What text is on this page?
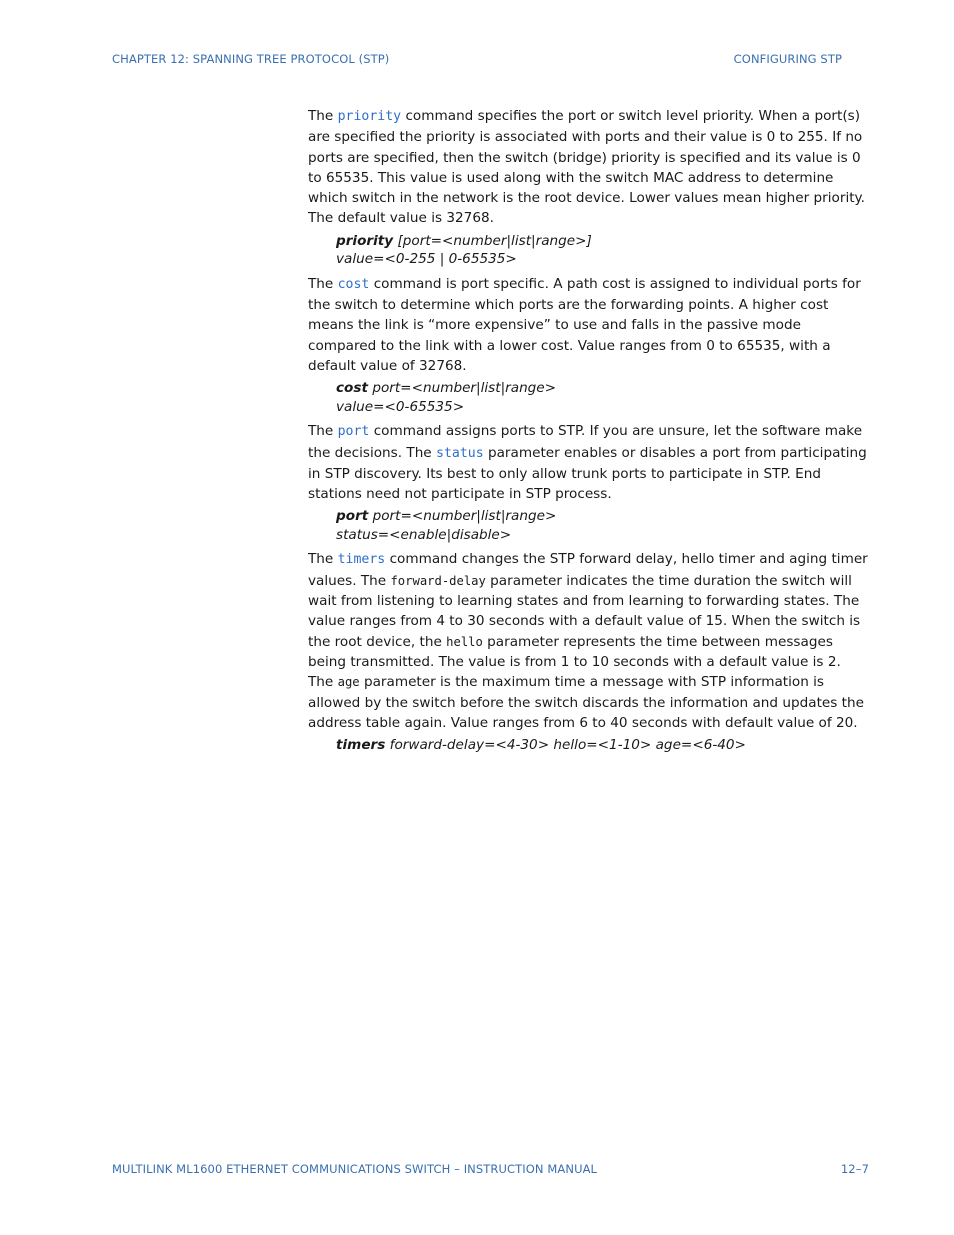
CHAPTER 12: SPANNING TREE PROTOCOL (STP)	CONFIGURING STP

The priority command specifies the port or switch level priority. When a port(s) are specified the priority is associated with ports and their value is 0 to 255. If no ports are specified, then the switch (bridge) priority is specified and its value is 0 to 65535. This value is used along with the switch MAC address to determine which switch in the network is the root device. Lower values mean higher priority. The default value is 32768.

priority [port=<number|list|range>]
value=<0-255 | 0-65535>

The cost command is port specific. A path cost is assigned to individual ports for the switch to determine which ports are the forwarding points. A higher cost means the link is “more expensive” to use and falls in the passive mode compared to the link with a lower cost. Value ranges from 0 to 65535, with a default value of 32768.

cost port=<number|list|range>
value=<0-65535>

The port command assigns ports to STP. If you are unsure, let the software make the decisions. The status parameter enables or disables a port from participating in STP discovery. Its best to only allow trunk ports to participate in STP. End stations need not participate in STP process.

port port=<number|list|range>
status=<enable|disable>

The timers command changes the STP forward delay, hello timer and aging timer values. The forward-delay parameter indicates the time duration the switch will wait from listening to learning states and from learning to forwarding states. The value ranges from 4 to 30 seconds with a default value of 15. When the switch is the root device, the hello parameter represents the time between messages being transmitted. The value is from 1 to 10 seconds with a default value is 2. The age parameter is the maximum time a message with STP information is allowed by the switch before the switch discards the information and updates the address table again. Value ranges from 6 to 40 seconds with default value of 20.

timers forward-delay=<4-30> hello=<1-10> age=<6-40>
MULTILINK ML1600 ETHERNET COMMUNICATIONS SWITCH – INSTRUCTION MANUAL	12–7
